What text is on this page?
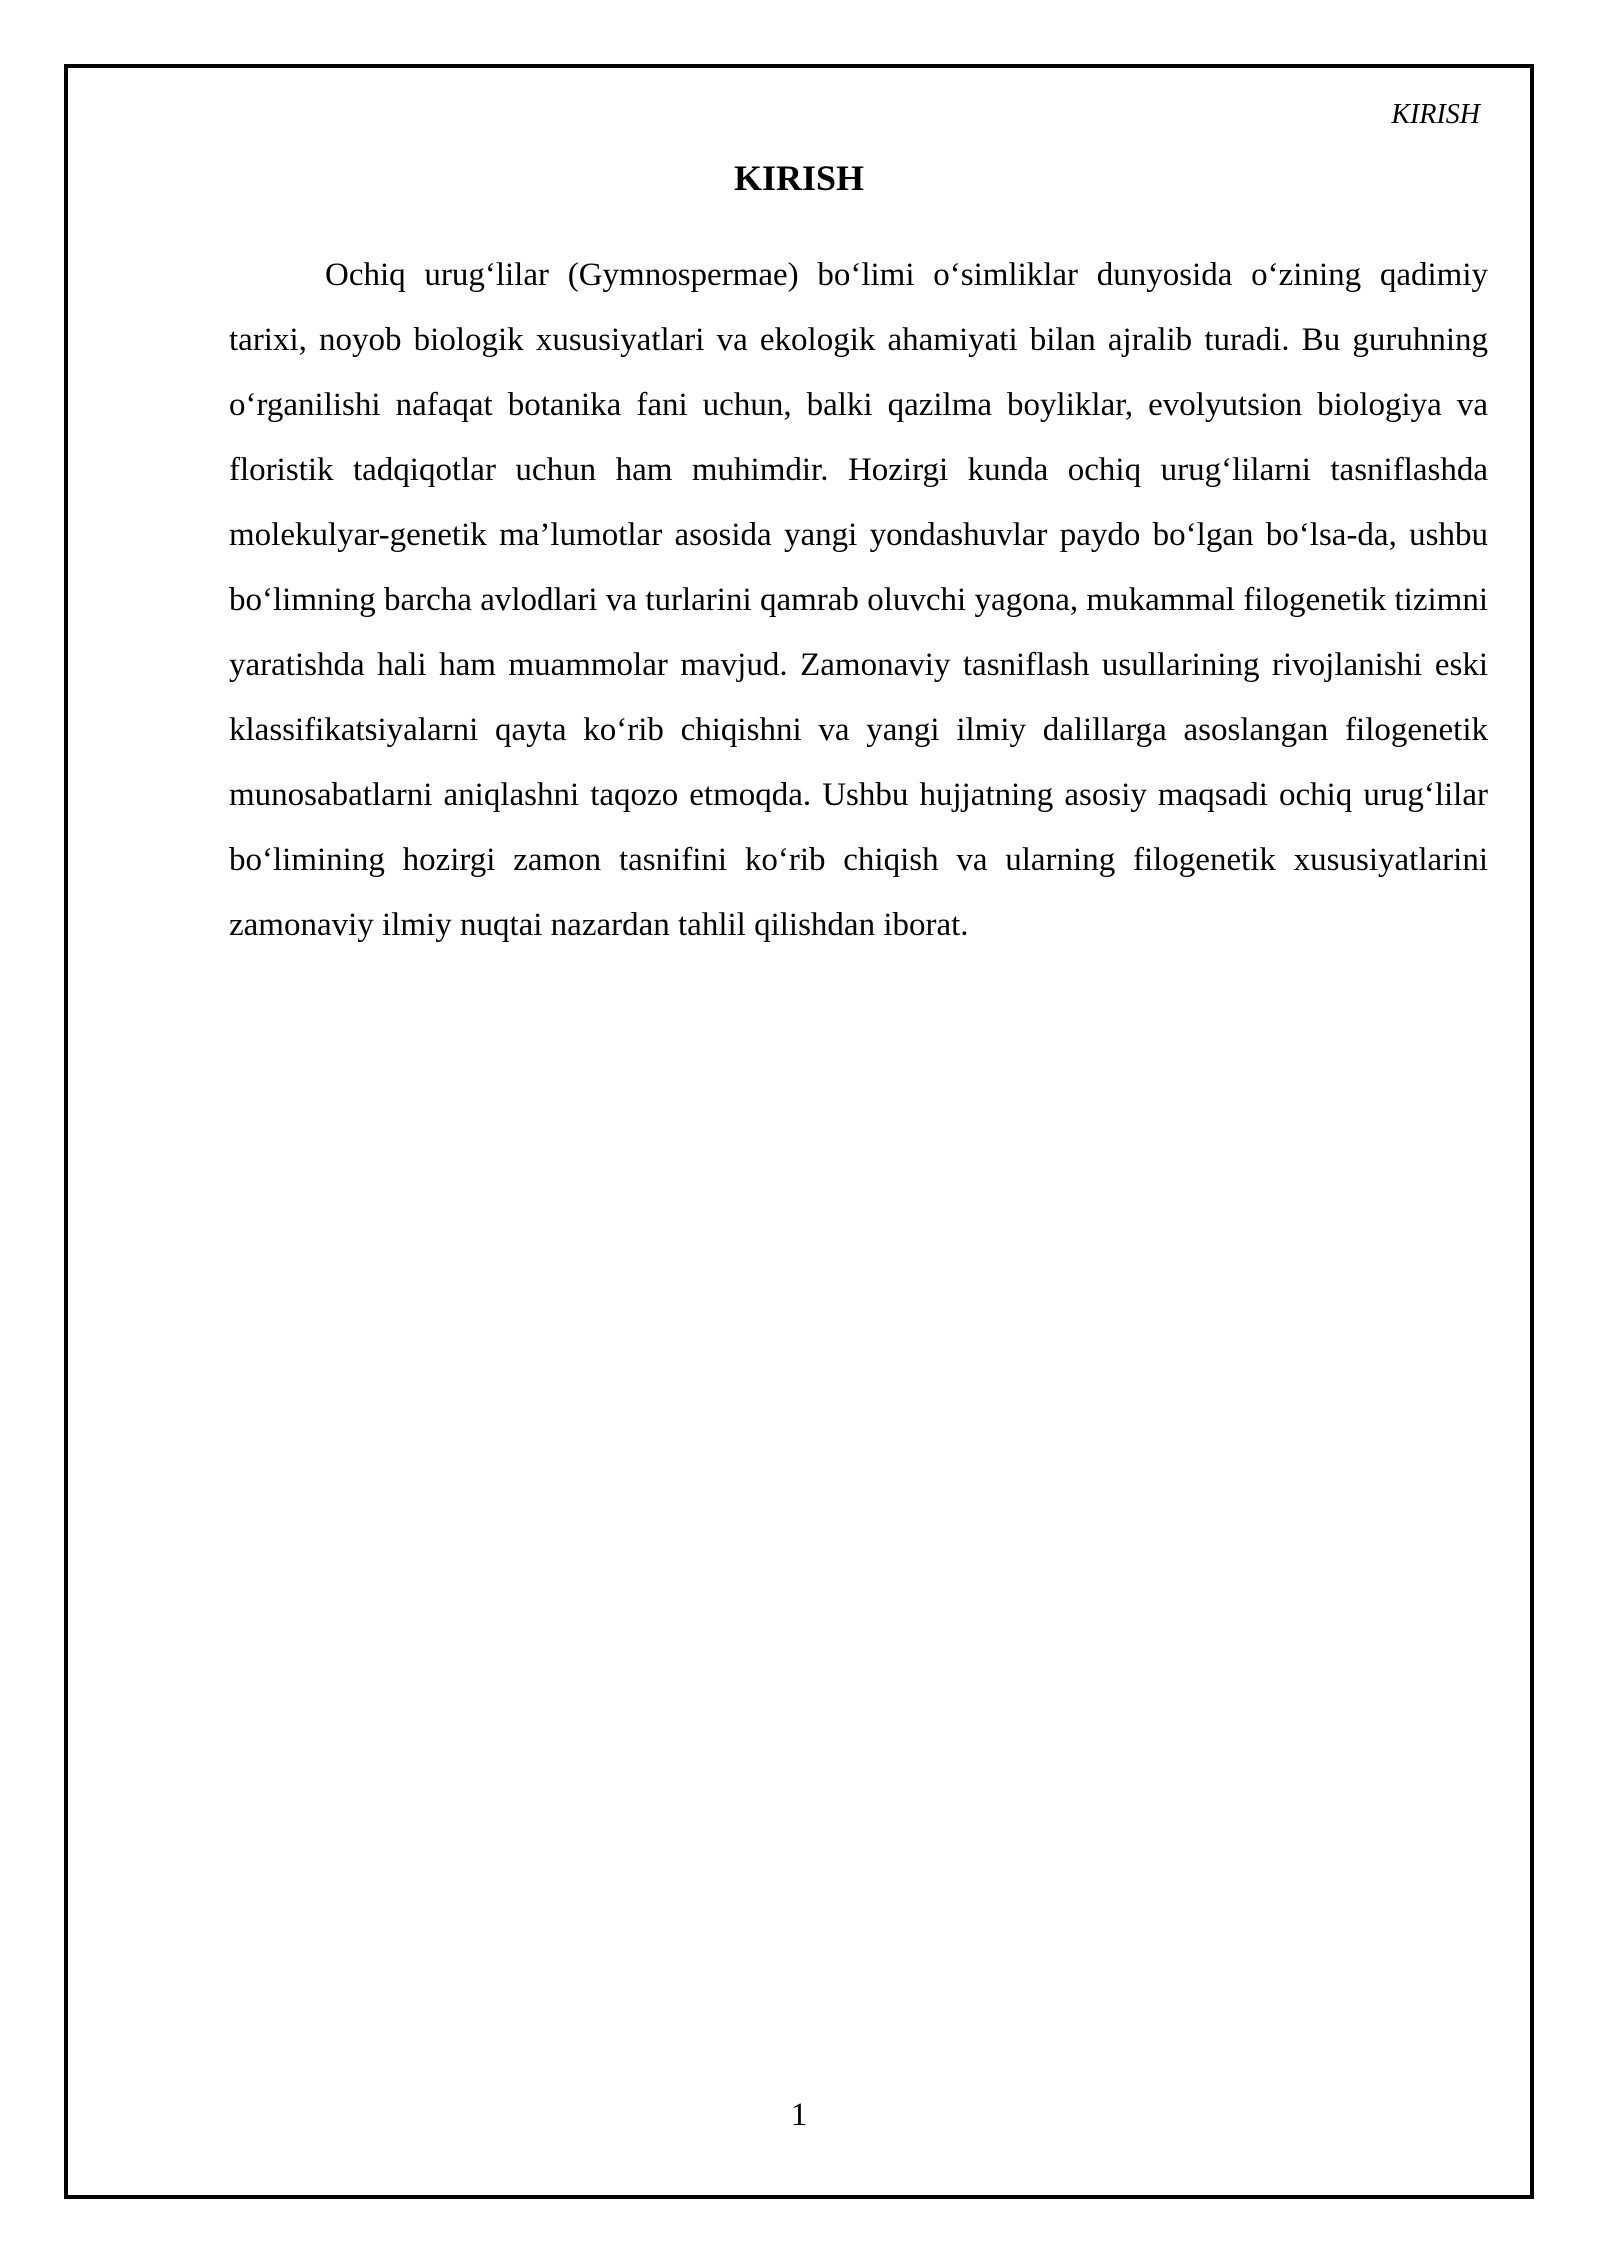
KIRISH
KIRISH

Ochiq urug‘lilar (Gymnospermae) bo‘limi o‘simliklar dunyosida o‘zining qadimiy tarixi, noyob biologik xususiyatlari va ekologik ahamiyati bilan ajralib turadi. Bu guruhning o‘rganilishi nafaqat botanika fani uchun, balki qazilma boyliklar, evolyutsion biologiya va floristik tadqiqotlar uchun ham muhimdir. Hozirgi kunda ochiq urug‘lilarni tasniflashda molekulyar-genetik ma’lumotlar asosida yangi yondashuvlar paydo bo‘lgan bo‘lsa-da, ushbu bo‘limning barcha avlodlari va turlarini qamrab oluvchi yagona, mukammal filogenetik tizimni yaratishda hali ham muammolar mavjud. Zamonaviy tasniflash usullarining rivojlanishi eski klassifikatsiyalarni qayta ko‘rib chiqishni va yangi ilmiy dalillarga asoslangan filogenetik munosabatlarni aniqlashni taqozo etmoqda. Ushbu hujjatning asosiy maqsadi ochiq urug‘lilar bo‘limining hozirgi zamon tasnifini ko‘rib chiqish va ularning filogenetik xususiyatlarini zamonaviy ilmiy nuqtai nazardan tahlil qilishdan iborat.

1
